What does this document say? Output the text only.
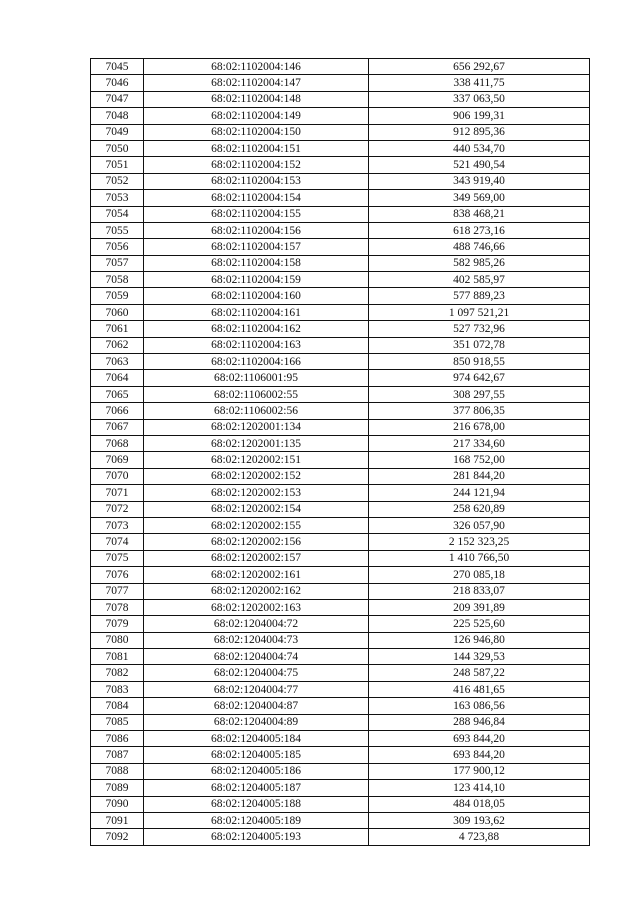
7045	68:02:1102004:146	656 292,67
7046	68:02:1102004:147	338 411,75
7047	68:02:1102004:148	337 063,50
7048	68:02:1102004:149	906 199,31
7049	68:02:1102004:150	912 895,36
7050	68:02:1102004:151	440 534,70
7051	68:02:1102004:152	521 490,54
7052	68:02:1102004:153	343 919,40
7053	68:02:1102004:154	349 569,00
7054	68:02:1102004:155	838 468,21
7055	68:02:1102004:156	618 273,16
7056	68:02:1102004:157	488 746,66
7057	68:02:1102004:158	582 985,26
7058	68:02:1102004:159	402 585,97
7059	68:02:1102004:160	577 889,23
7060	68:02:1102004:161	1 097 521,21
7061	68:02:1102004:162	527 732,96
7062	68:02:1102004:163	351 072,78
7063	68:02:1102004:166	850 918,55
7064	68:02:1106001:95	974 642,67
7065	68:02:1106002:55	308 297,55
7066	68:02:1106002:56	377 806,35
7067	68:02:1202001:134	216 678,00
7068	68:02:1202001:135	217 334,60
7069	68:02:1202002:151	168 752,00
7070	68:02:1202002:152	281 844,20
7071	68:02:1202002:153	244 121,94
7072	68:02:1202002:154	258 620,89
7073	68:02:1202002:155	326 057,90
7074	68:02:1202002:156	2 152 323,25
7075	68:02:1202002:157	1 410 766,50
7076	68:02:1202002:161	270 085,18
7077	68:02:1202002:162	218 833,07
7078	68:02:1202002:163	209 391,89
7079	68:02:1204004:72	225 525,60
7080	68:02:1204004:73	126 946,80
7081	68:02:1204004:74	144 329,53
7082	68:02:1204004:75	248 587,22
7083	68:02:1204004:77	416 481,65
7084	68:02:1204004:87	163 086,56
7085	68:02:1204004:89	288 946,84
7086	68:02:1204005:184	693 844,20
7087	68:02:1204005:185	693 844,20
7088	68:02:1204005:186	177 900,12
7089	68:02:1204005:187	123 414,10
7090	68:02:1204005:188	484 018,05
7091	68:02:1204005:189	309 193,62
7092	68:02:1204005:193	4 723,88
